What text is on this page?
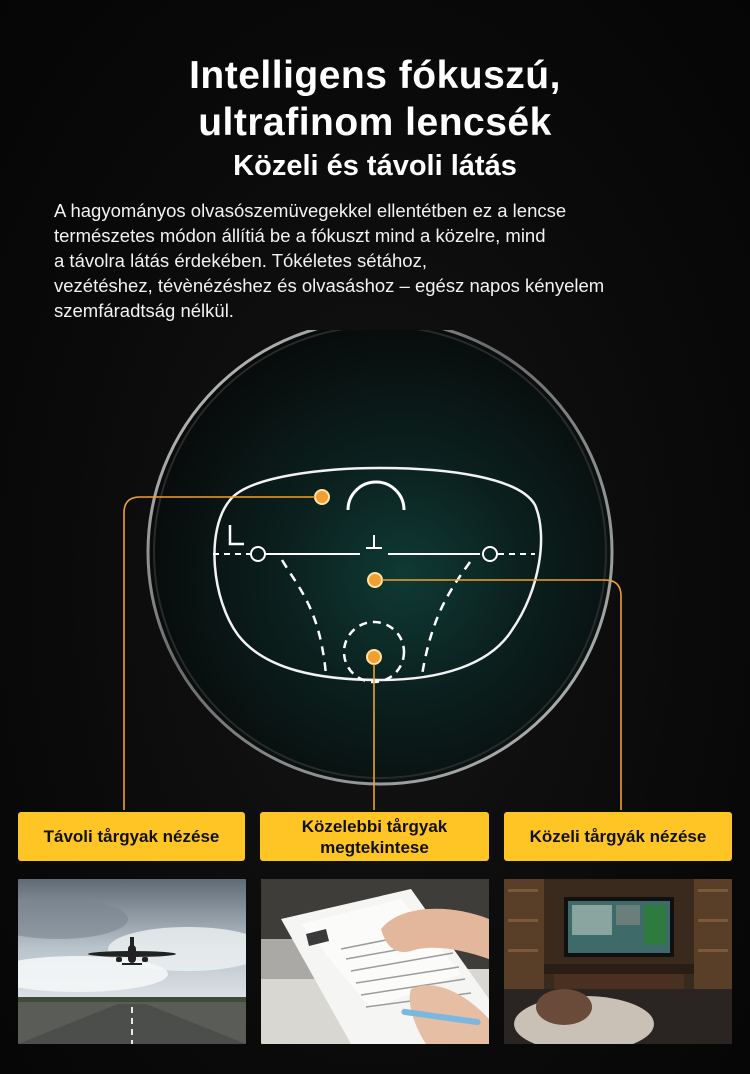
Intelligens fókuszú,
ultrafinom lencsék
Közeli és távoli látás
A hagyományos olvasószemüvegekkel ellentétben ez a lencse
természetes módon állítiá be a fókuszt mind a közelre, mind
a távolra látás érdekében. Tókéletes sétához,
vezétéshez, tévènézéshez és olvasáshoz – egész napos kényelem
szemfáradtság nélkül.
Távoli tårgyak nézése
Közelebbi tårgyak megtekintese
Közeli tårgyák nézése
